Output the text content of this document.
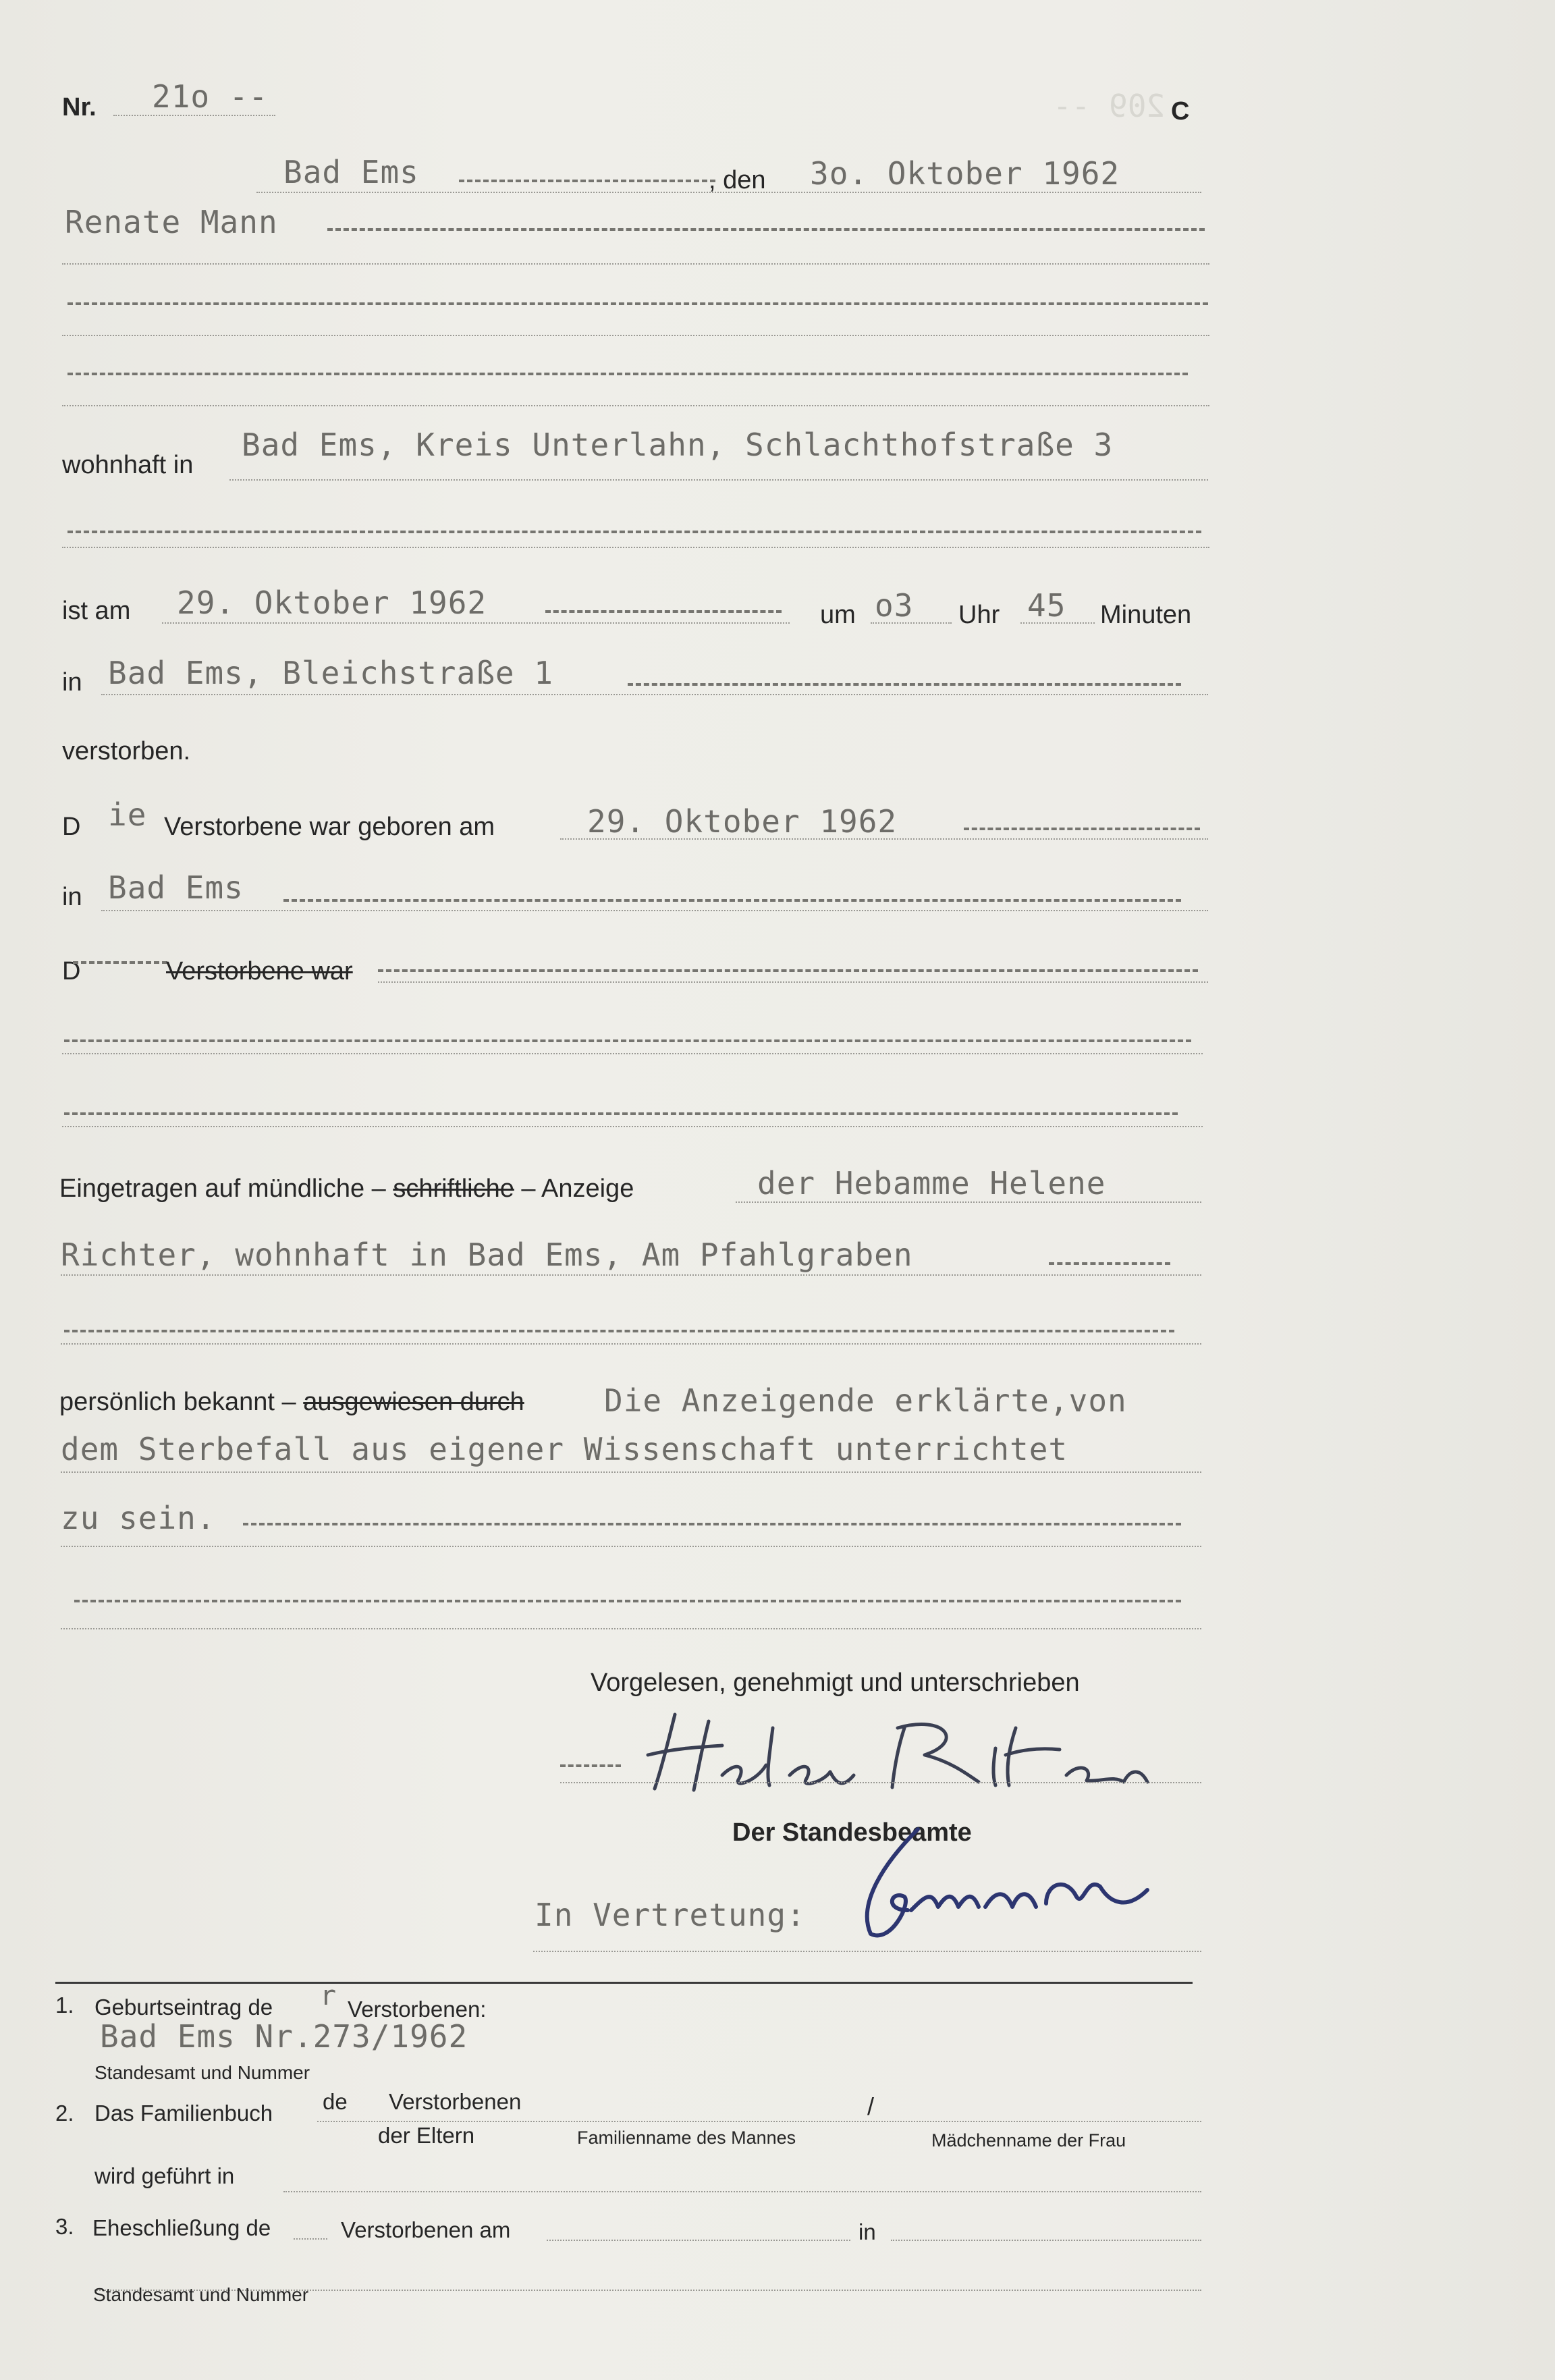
209 --
Nr. 21o --	C
Bad Ems	, den 3o. Oktober 1962
Renate Mann
wohnhaft in
Bad Ems, Kreis Unterlahn, Schlachthofstraße 3
ist am 29. Oktober 1962	um o3 Uhr 45 Minuten
in Bad Ems, Bleichstraße 1
verstorben.
D ie Verstorbene war geboren am	29. Oktober 1962
in Bad Ems
D	Verstorbene war
Eingetragen auf mündliche – schriftliche – Anzeige	der Hebamme Helene
Richter, wohnhaft in Bad Ems, Am Pfahlgraben
persönlich bekannt – ausgewiesen durch	Die Anzeigende erklärte,von
dem Sterbefall aus eigener Wissenschaft unterrichtet
zu sein.
Vorgelesen, genehmigt und unterschrieben
Der Standesbeamte
In Vertretung:
1. Geburtseintrag de r Verstorbenen:
Bad Ems Nr.273/1962
Standesamt und Nummer
2. Das Familienbuch de Verstorbenen	/
der Eltern	Familienname des Mannes	Mädchenname der Frau
wird geführt in
3. Eheschließung de	Verstorbenen am	in
Standesamt und Nummer
